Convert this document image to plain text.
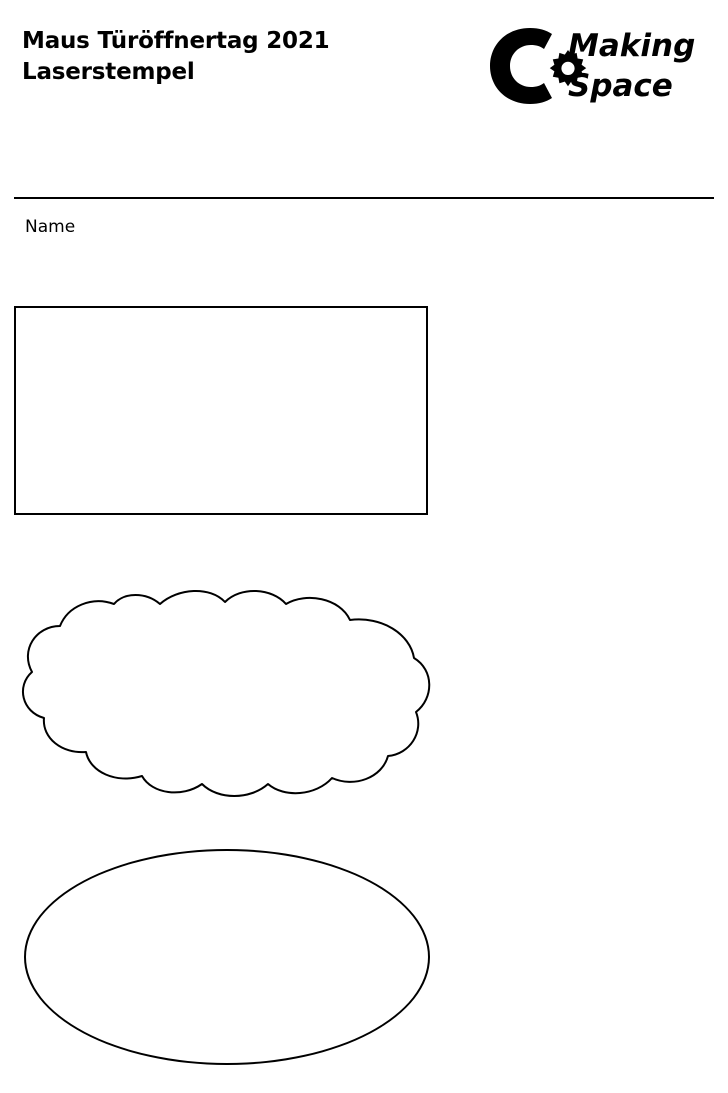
Maus Türöffnertag 2021
Laserstempel
Making
Space
Name
